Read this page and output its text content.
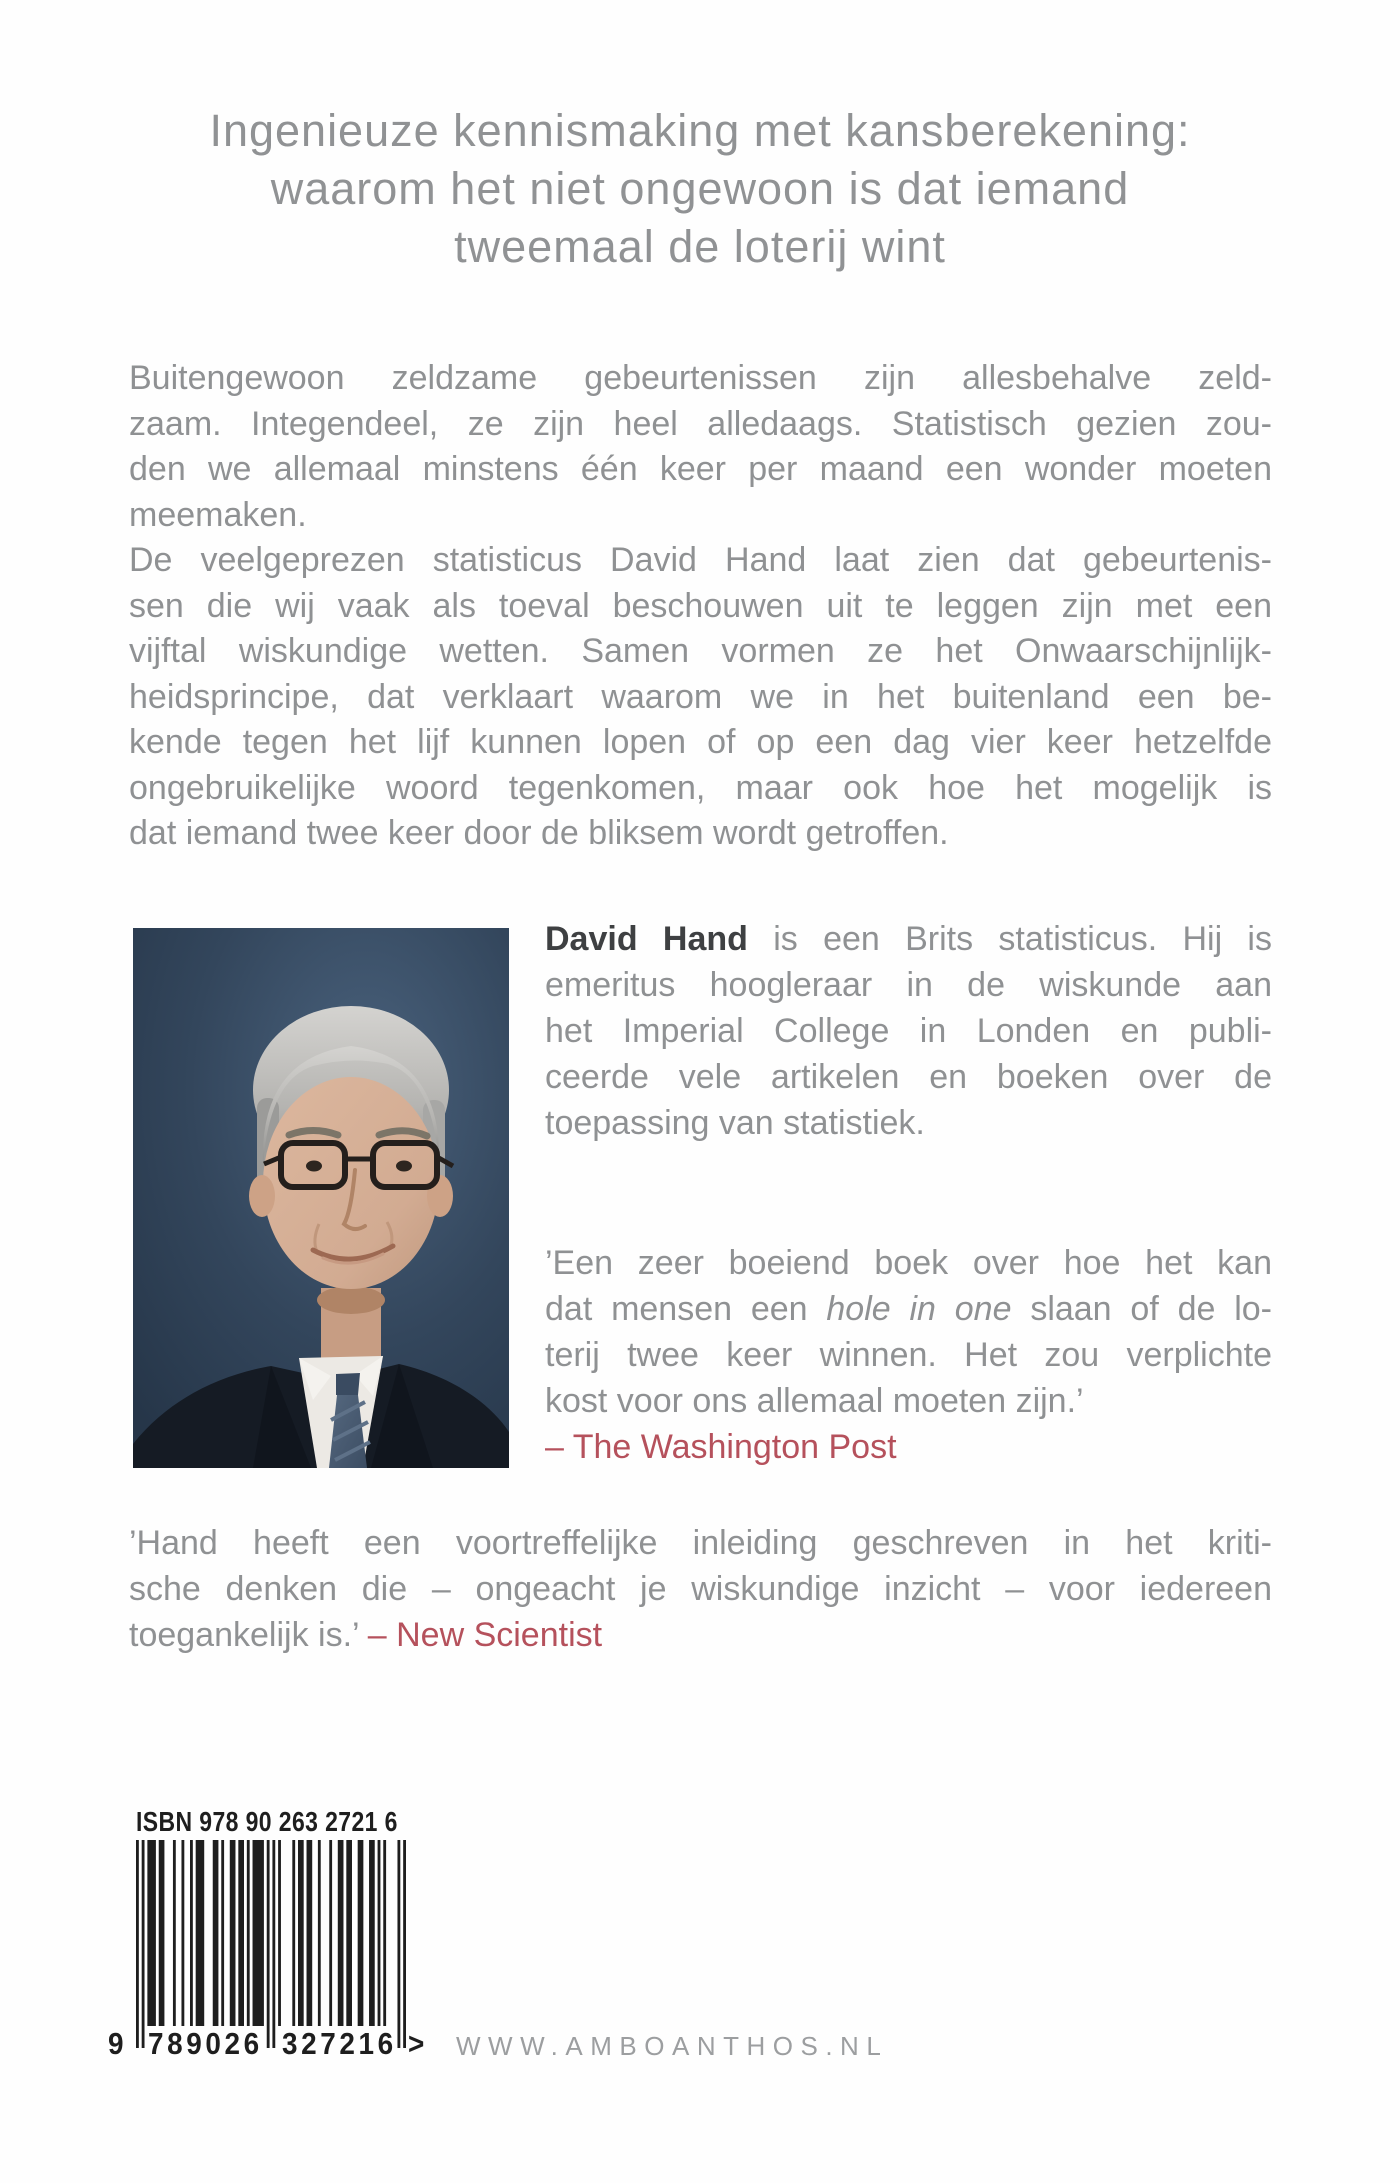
Ingenieuze kennismaking met kansberekening:
waarom het niet ongewoon is dat iemand
tweemaal de loterij wint
Buitengewoon zeldzame gebeurtenissen zijn allesbehalve zeld-
zaam. Integendeel, ze zijn heel alledaags. Statistisch gezien zou-
den we allemaal minstens één keer per maand een wonder moeten
meemaken.
De veelgeprezen statisticus David Hand laat zien dat gebeurtenis-
sen die wij vaak als toeval beschouwen uit te leggen zijn met een
vijftal wiskundige wetten. Samen vormen ze het Onwaarschijnlijk-
heidsprincipe, dat verklaart waarom we in het buitenland een be-
kende tegen het lijf kunnen lopen of op een dag vier keer hetzelfde
ongebruikelijke woord tegenkomen, maar ook hoe het mogelijk is
dat iemand twee keer door de bliksem wordt getroffen.
David Hand is een Brits statisticus. Hij is
emeritus hoogleraar in de wiskunde aan
het Imperial College in Londen en publi-
ceerde vele artikelen en boeken over de
toepassing van statistiek.
’Een zeer boeiend boek over hoe het kan
dat mensen een hole in one slaan of de lo-
terij twee keer winnen. Het zou verplichte
kost voor ons allemaal moeten zijn.’
– The Washington Post
’Hand heeft een voortreffelijke inleiding geschreven in het kriti-
sche denken die – ongeacht je wiskundige inzicht – voor iedereen
toegankelijk is.’ – New Scientist
ISBN 978 90 263 2721 6
9 789026 327216 > WWW.AMBOANTHOS.NL
